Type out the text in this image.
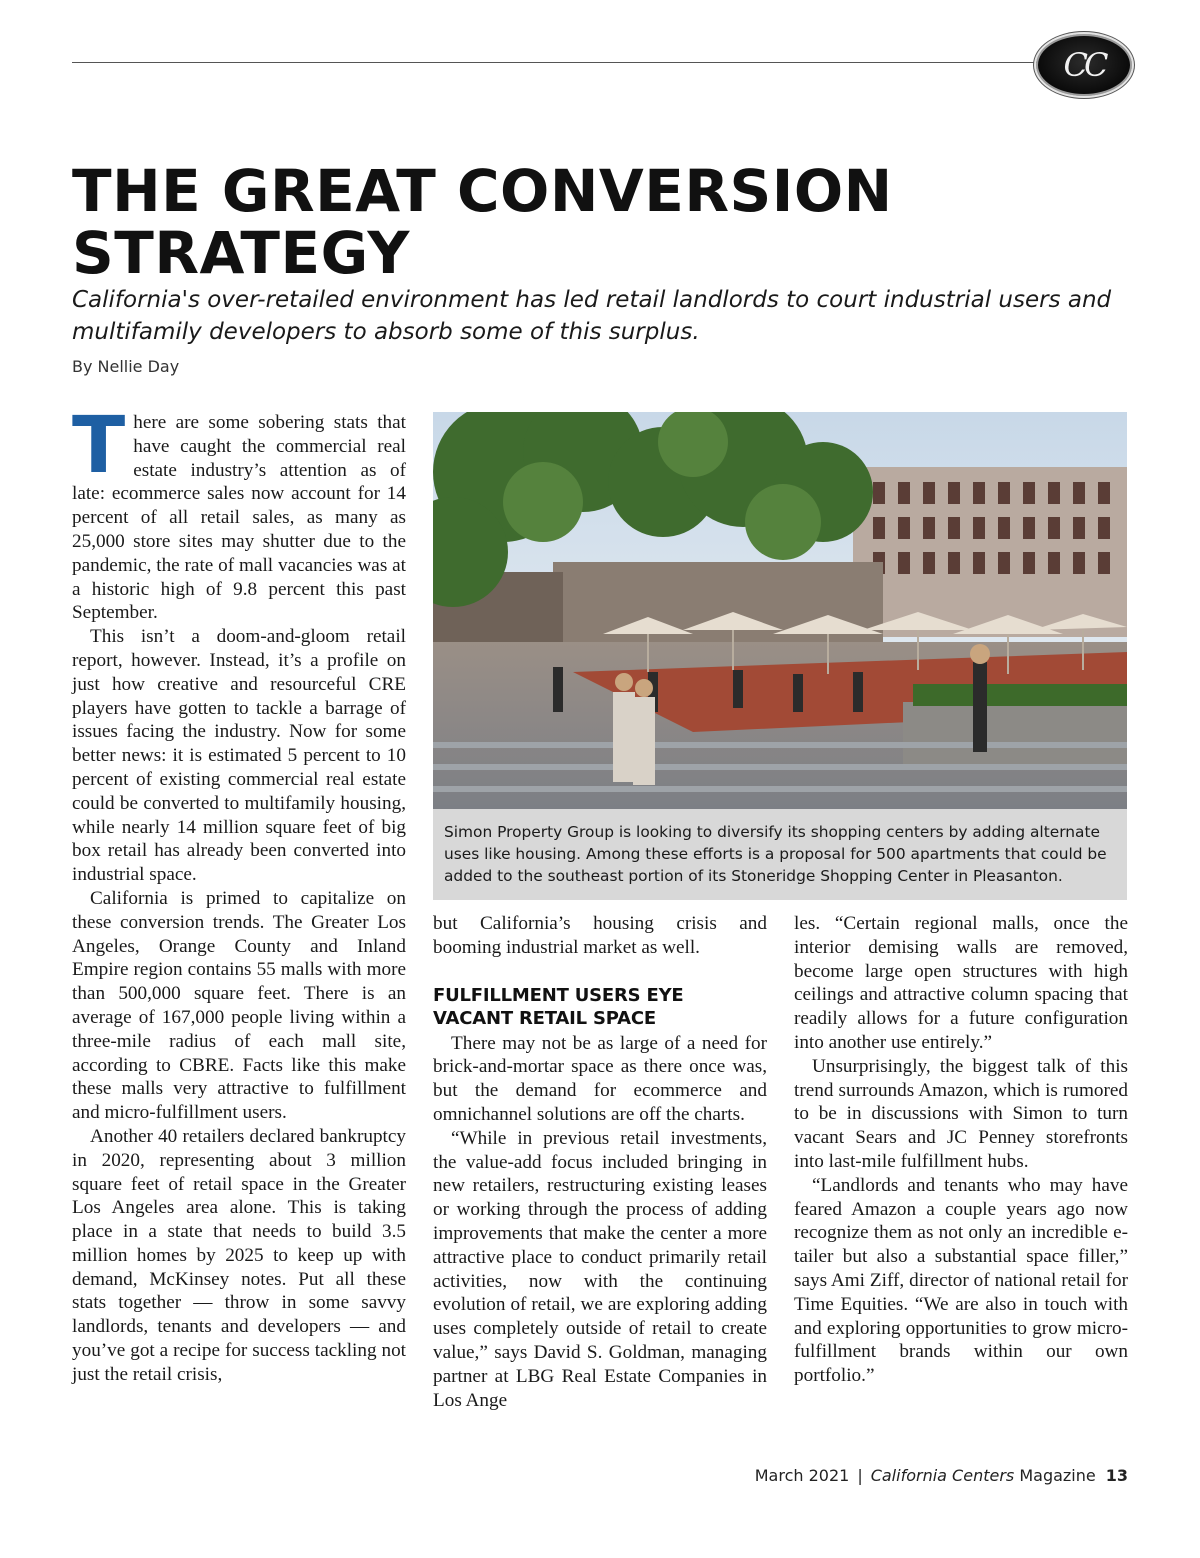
CC
THE GREAT CONVERSION STRATEGY

California's over-retailed environment has led retail landlords to court industrial users and multifamily developers to absorb some of this surplus.

By Nellie Day

There are some sobering stats that have caught the commercial real estate industry’s attention as of late: ecommerce sales now account for 14 percent of all retail sales, as many as 25,000 store sites may shutter due to the pandemic, the rate of mall vacancies was at a historic high of 9.8 percent this past September.

This isn’t a doom-and-gloom retail report, however. Instead, it’s a profile on just how creative and resourceful CRE players have gotten to tackle a barrage of issues facing the industry. Now for some better news: it is estimated 5 percent to 10 percent of existing commercial real estate could be converted to multifamily housing, while nearly 14 million square feet of big box retail has already been converted into industrial space.

California is primed to capitalize on these conversion trends. The Greater Los Angeles, Orange County and Inland Empire region contains 55 malls with more than 500,000 square feet. There is an average of 167,000 people living within a three-mile radius of each mall site, according to CBRE. Facts like this make these malls very attractive to fulfillment and micro-fulfillment users.

Another 40 retailers declared bankruptcy in 2020, representing about 3 million square feet of retail space in the Greater Los Angeles area alone. This is taking place in a state that needs to build 3.5 million homes by 2025 to keep up with demand, McKinsey notes. Put all these stats together — throw in some savvy landlords, tenants and developers — and you’ve got a recipe for success tackling not just the retail crisis,

Simon Property Group is looking to diversify its shopping centers by adding alternate uses like housing. Among these efforts is a proposal for 500 apartments that could be added to the southeast portion of its Stoneridge Shopping Center in Pleasanton.

but California’s housing crisis and booming industrial market as well.

FULFILLMENT USERS EYE VACANT RETAIL SPACE

There may not be as large of a need for brick-and-mortar space as there once was, but the demand for ecommerce and omnichannel solutions are off the charts.

“While in previous retail investments, the value-add focus included bringing in new retailers, restructuring existing leases or working through the process of adding improvements that make the center a more attractive place to conduct primarily retail activities, now with the continuing evolution of retail, we are exploring adding uses completely outside of retail to create value,” says David S. Goldman, managing partner at LBG Real Estate Companies in Los Ange

les. “Certain regional malls, once the interior demising walls are removed, become large open structures with high ceilings and attractive column spacing that readily allows for a future configuration into another use entirely.”

Unsurprisingly, the biggest talk of this trend surrounds Amazon, which is rumored to be in discussions with Simon to turn vacant Sears and JC Penney storefronts into last-mile fulfillment hubs.

“Landlords and tenants who may have feared Amazon a couple years ago now recognize them as not only an incredible e-tailer but also a substantial space filler,” says Ami Ziff, director of national retail for Time Equities. “We are also in touch with and exploring opportunities to grow micro-fulfillment brands within our own portfolio.”

March 2021 | California Centers Magazine 13
